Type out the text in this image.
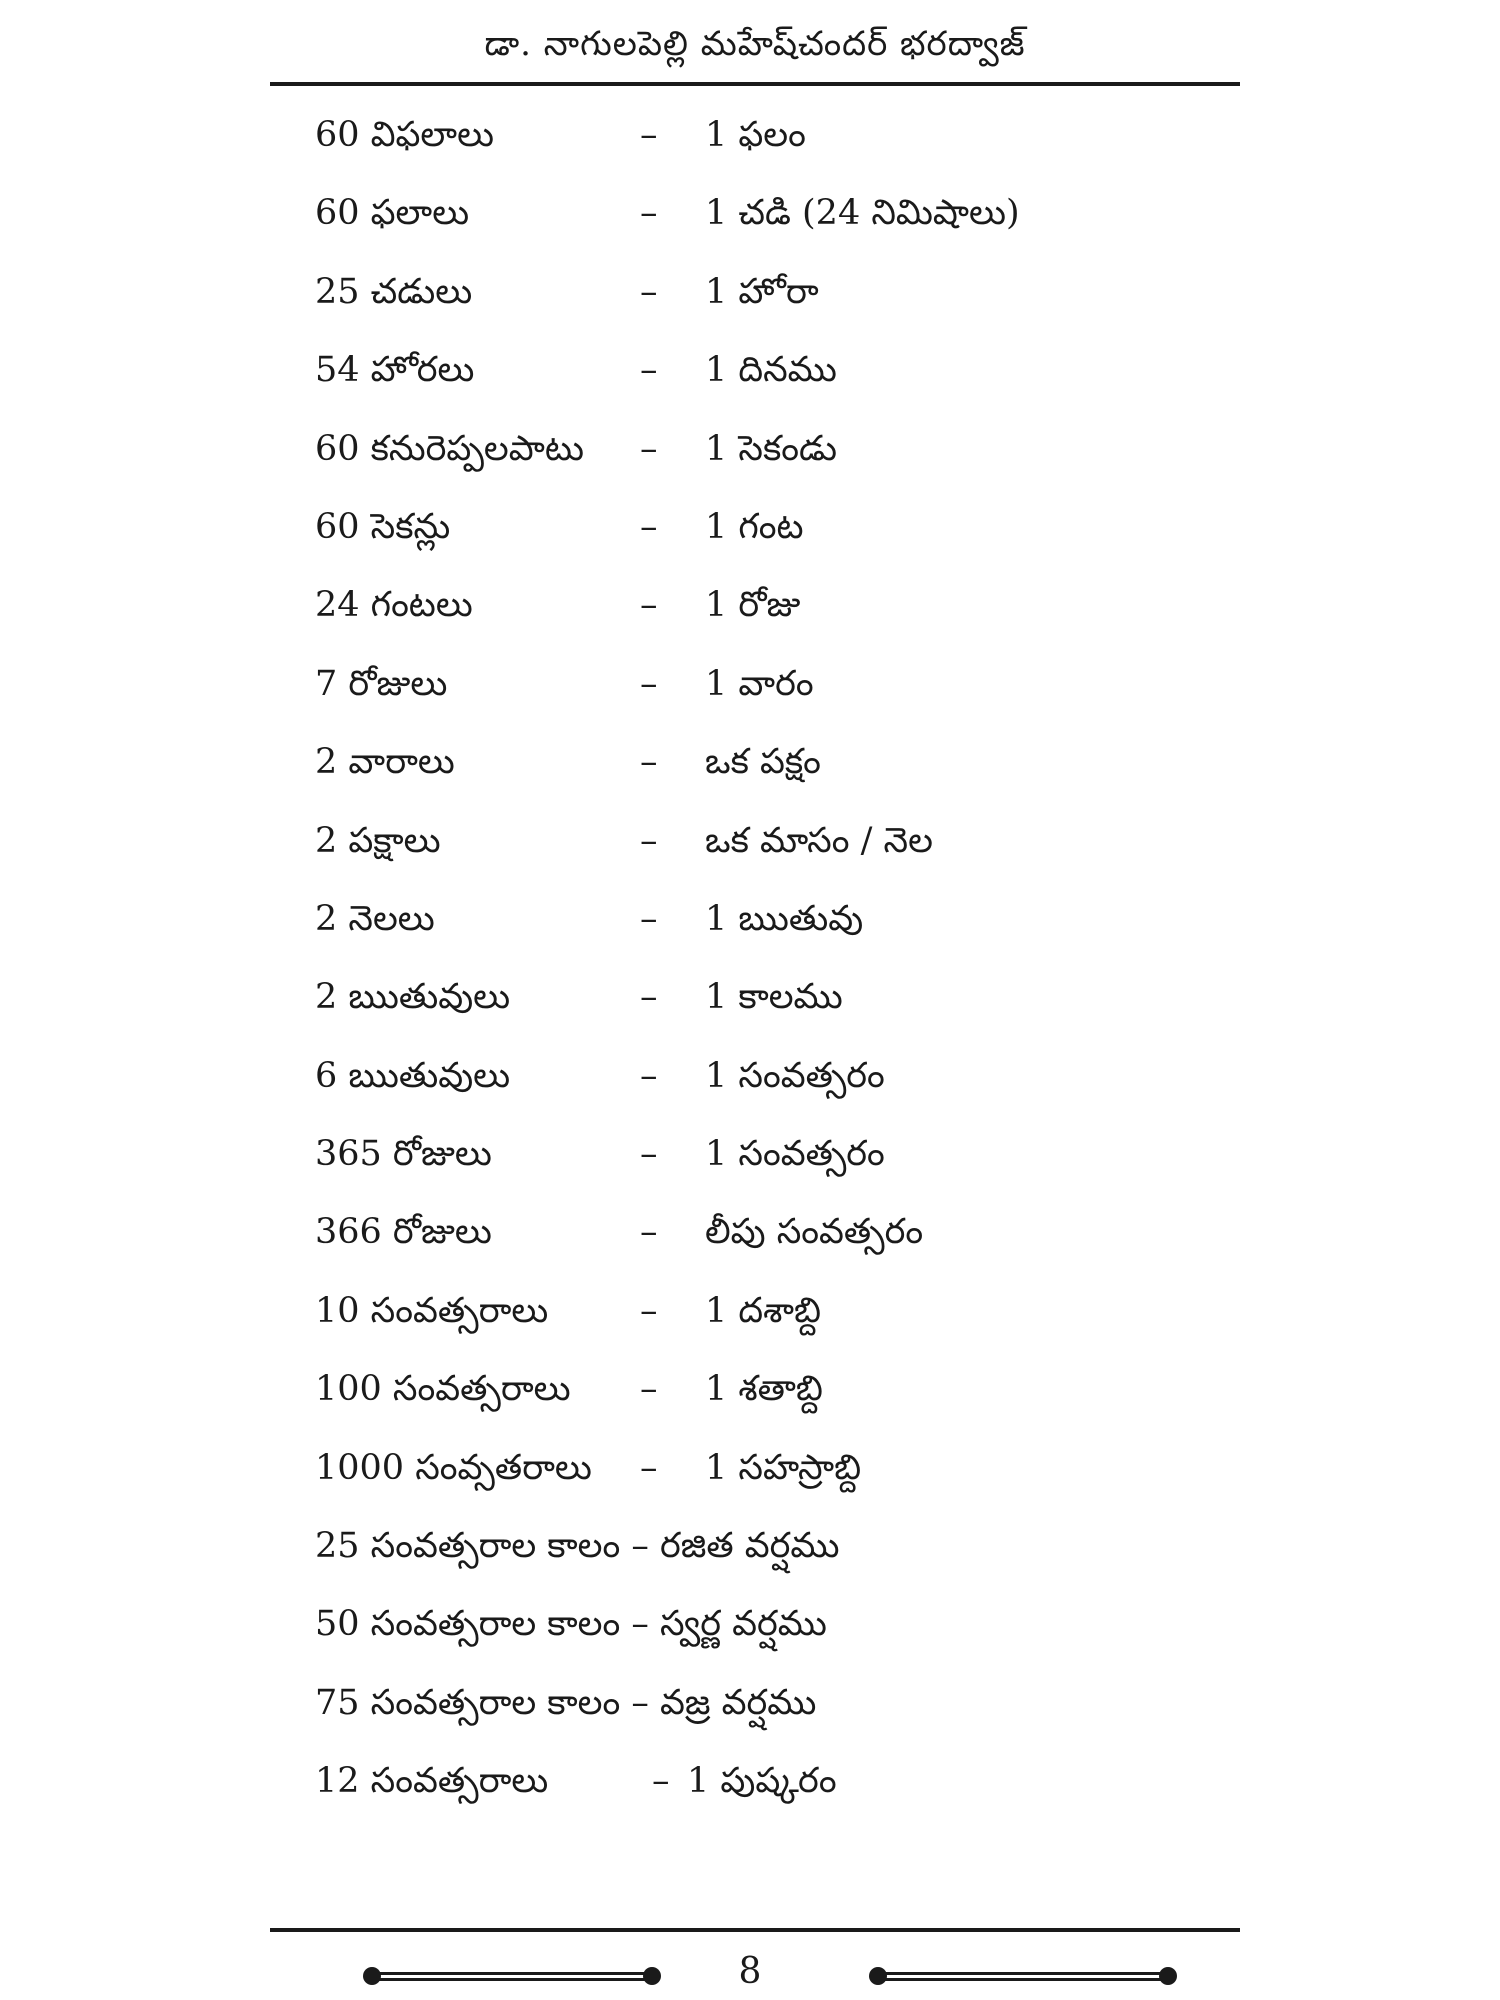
డా. నాగులపెల్లి మహేష్‌చందర్ భరద్వాజ్
60 విఫలాలు	– 1 ఫలం
60 ఫలాలు	– 1 చడి (24 నిమిషాలు)
25 చడులు	– 1 హోరా
54 హోరలు	– 1 దినము
60 కనురెప్పలపాటు – 1 సెకండు
60 సెకన్లు	– 1 గంట
24 గంటలు	– 1 రోజు
7 రోజులు	– 1 వారం
2 వారాలు	– ఒక పక్షం
2 పక్షాలు	– ఒక మాసం / నెల
2 నెలలు	– 1 ఋతువు
2 ఋతువులు	– 1 కాలము
6 ఋతువులు	– 1 సంవత్సరం
365 రోజులు	– 1 సంవత్సరం
366 రోజులు	– లీపు సంవత్సరం
10 సంవత్సరాలు	– 1 దశాబ్ది
100 సంవత్సరాలు – 1 శతాబ్ది
1000 సంవ్సతరాలు – 1 సహస్రాబ్ది
25 సంవత్సరాల కాలం – రజిత వర్షము
50 సంవత్సరాల కాలం – స్వర్ణ వర్షము
75 సంవత్సరాల కాలం – వజ్ర వర్షము
12 సంవత్సరాలు	– 1 పుష్కరం
8
